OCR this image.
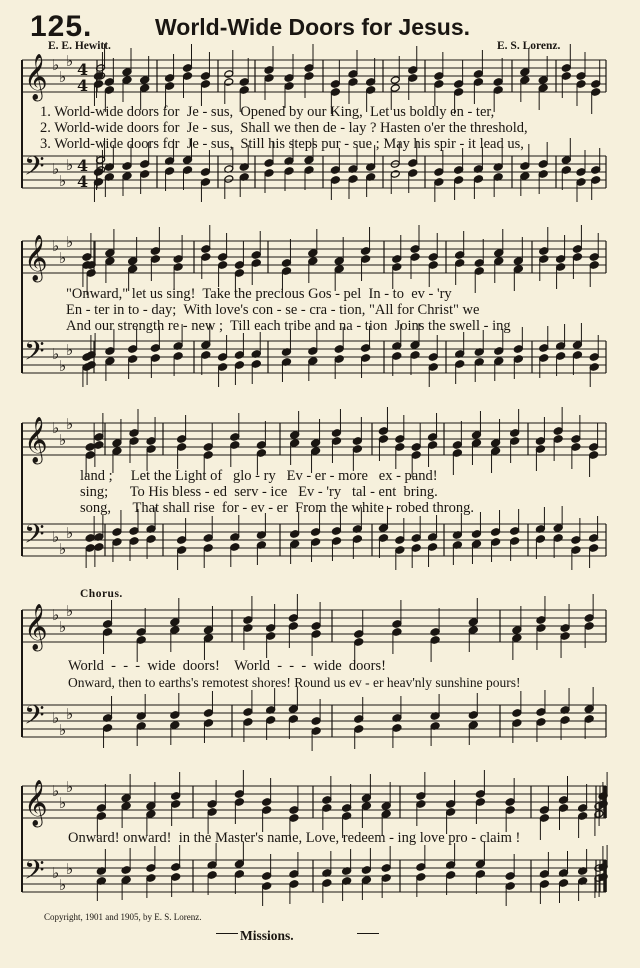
125.	World-Wide Doors for Jesus.
E. E. Hewitt.	E. S. Lorenz.
𝄞
𝄢
♭
♭
♭
♭
♭
♭
4
4
4
4
𝄞
𝄢
♭
♭
♭
♭
♭
♭
𝄞
𝄢
♭
♭
♭
♭
♭
♭
𝄞
𝄢
♭
♭
♭
♭
♭
♭
𝄞
𝄢
♭
♭
♭
♭
♭
♭
1. World-wide doors for  Je - sus,  Opened by our King,  Let us boldly en - ter,
2. World-wide doors for  Je - sus,  Shall we then de - lay ? Hasten o'er the threshold,
3. World-wide doors for  Je - sus,  Still his steps pur - sue ; May his spir - it lead us,
"Onward," let us sing!  Take the precious Gos - pel  In - to  ev - 'ry
En - ter in to - day;  With love's con - se - cra - tion, "All for Christ" we
And our strength re - new ;  Till each tribe and na - tion  Joins the swell - ing
land ;     Let the Light of   glo - ry   Ev - er - more   ex - pand!
sing;      To His bless - ed  serv - ice   Ev - 'ry   tal - ent  bring.
song,      That shall rise  for - ev - er  From the white - robed throng.
Chorus.
World  -  -  -  wide  doors!    World  -  -  -  wide  doors!
Onward, then to earths's remotest shores! Round us ev - er heav'nly sunshine pours!
Onward! onward!  in the Master's name, Love, redeem - ing love pro - claim !
Copyright, 1901 and 1905, by E. S. Lorenz.
Missions.
